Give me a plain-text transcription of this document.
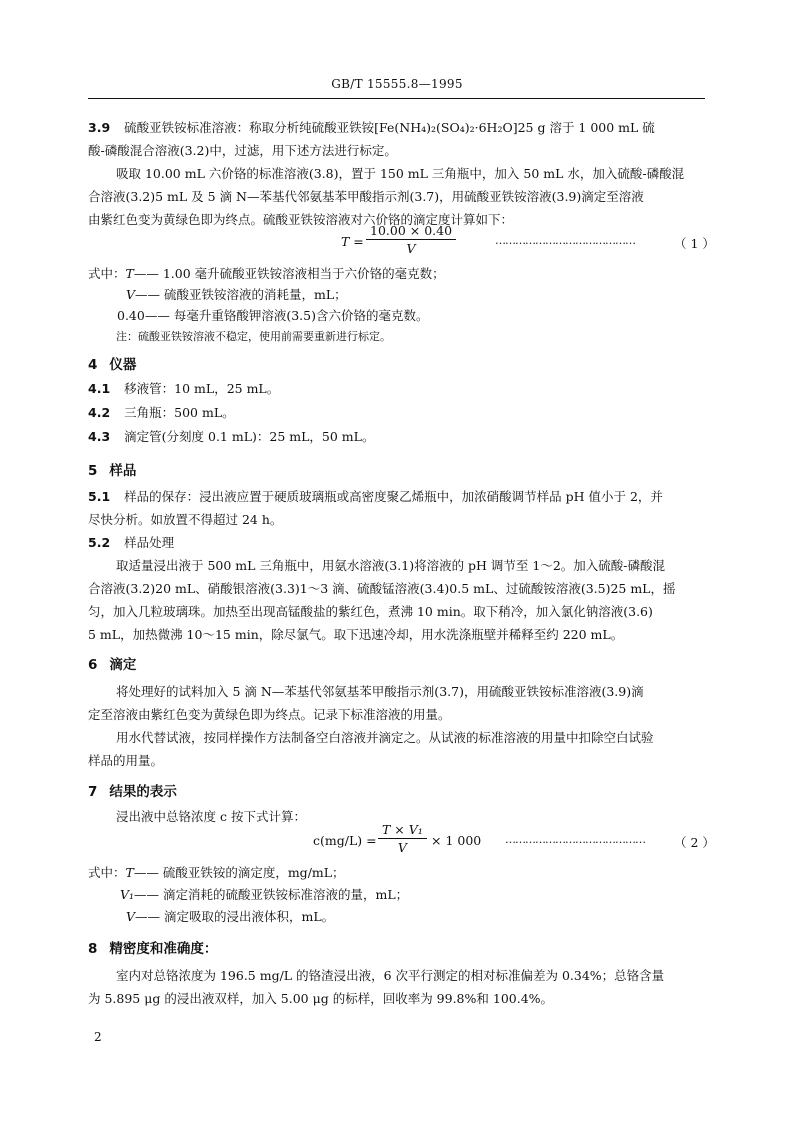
GB/T 15555.8—1995
3.9 硫酸亚铁铵标准溶液：称取分析纯硫酸亚铁铵[Fe(NH₄)₂(SO₄)₂·6H₂O]25 g 溶于 1 000 mL 硫
酸-磷酸混合溶液(3.2)中，过滤，用下述方法进行标定。
吸取 10.00 mL 六价铬的标准溶液(3.8)，置于 150 mL 三角瓶中，加入 50 mL 水，加入硫酸-磷酸混
合溶液(3.2)5 mL 及 5 滴 N—苯基代邻氨基苯甲酸指示剂(3.7)，用硫酸亚铁铵溶液(3.9)滴定至溶液
由紫红色变为黄绿色即为终点。硫酸亚铁铵溶液对六价铬的滴定度计算如下：
$T = \frac{10.00 \times 0.40}{V}$	……………………………………	（ 1 ）
式中：T—— 1.00 毫升硫酸亚铁铵溶液相当于六价铬的毫克数；
V—— 硫酸亚铁铵溶液的消耗量，mL；
0.40—— 每毫升重铬酸钾溶液(3.5)含六价铬的毫克数。
注：硫酸亚铁铵溶液不稳定，使用前需要重新进行标定。
4 仪器
4.1 移液管：10 mL，25 mL。
4.2 三角瓶：500 mL。
4.3 滴定管(分刻度 0.1 mL)：25 mL，50 mL。
5 样品
5.1 样品的保存：浸出液应置于硬质玻璃瓶或高密度聚乙烯瓶中，加浓硝酸调节样品 pH 值小于 2，并
尽快分析。如放置不得超过 24 h。
5.2 样品处理
取适量浸出液于 500 mL 三角瓶中，用氨水溶液(3.1)将溶液的 pH 调节至 1～2。加入硫酸-磷酸混
合溶液(3.2)20 mL、硝酸银溶液(3.3)1～3 滴、硫酸锰溶液(3.4)0.5 mL、过硫酸铵溶液(3.5)25 mL，摇
匀，加入几粒玻璃珠。加热至出现高锰酸盐的紫红色，煮沸 10 min。取下稍冷，加入氯化钠溶液(3.6)
5 mL，加热微沸 10～15 min，除尽氯气。取下迅速冷却，用水洗涤瓶壁并稀释至约 220 mL。
6 滴定
将处理好的试料加入 5 滴 N—苯基代邻氨基苯甲酸指示剂(3.7)，用硫酸亚铁铵标准溶液(3.9)滴
定至溶液由紫红色变为黄绿色即为终点。记录下标准溶液的用量。
用水代替试液，按同样操作方法制备空白溶液并滴定之。从试液的标准溶液的用量中扣除空白试验
样品的用量。
7 结果的表示
浸出液中总铬浓度 c 按下式计算：
$c(mg/L) = \frac{\text{T × V₁}}{V} \times 1$ 000 …………………………………… （ 2 ）
式中：T—— 硫酸亚铁铵的滴定度，mg/mL；
V₁—— 滴定消耗的硫酸亚铁铵标准溶液的量，mL；
V—— 滴定吸取的浸出液体积，mL。
8 精密度和准确度：
室内对总铬浓度为 196.5 mg/L 的铬渣浸出液，6 次平行测定的相对标准偏差为 0.34%；总铬含量
为 5.895 μg 的浸出液双样，加入 5.00 μg 的标样，回收率为 99.8%和 100.4%。
2
